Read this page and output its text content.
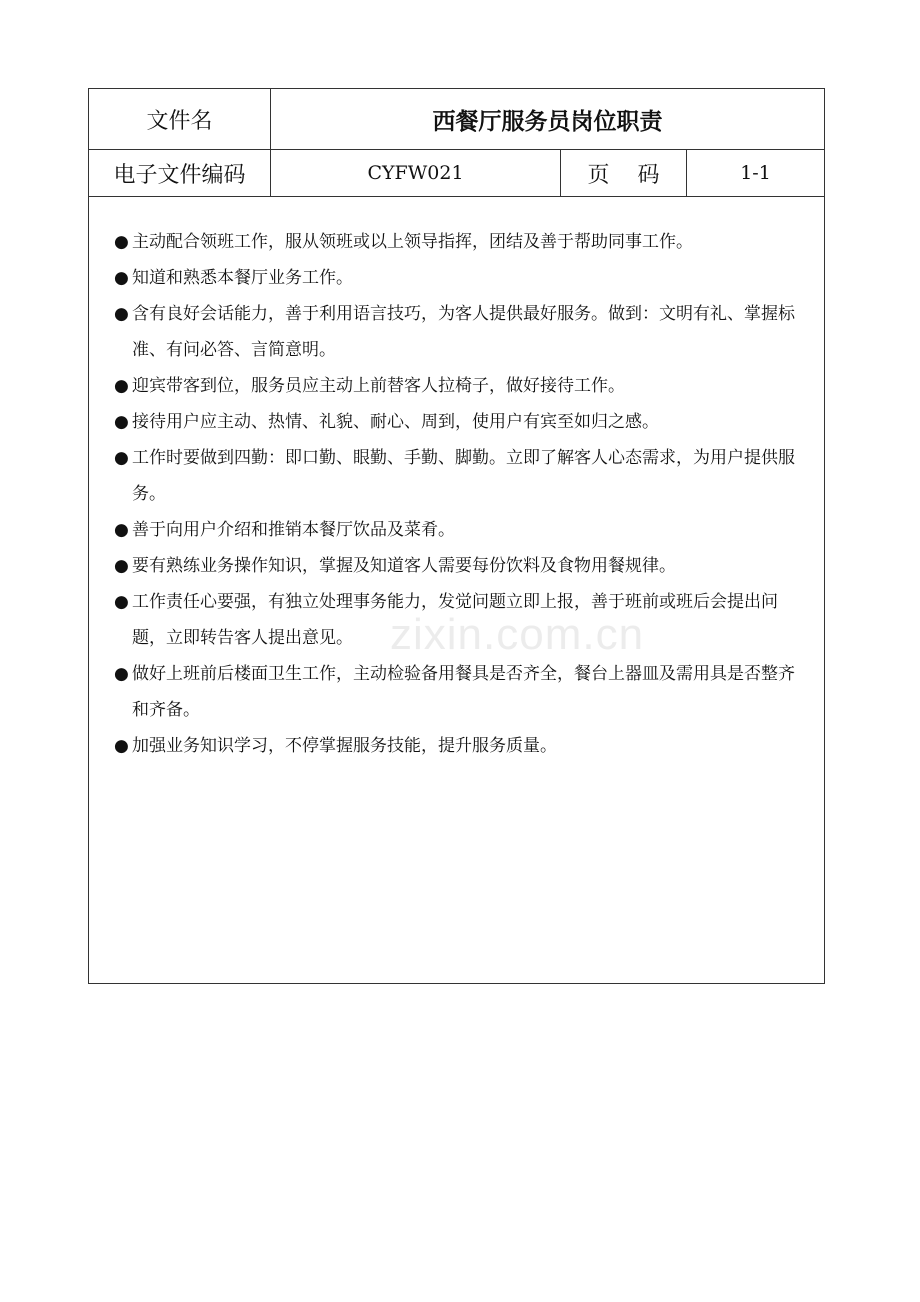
文件名	西餐厅服务员岗位职责
电子文件编码	CYFW021	页码	1-1

● 主动配合领班工作，服从领班或以上领导指挥，团结及善于帮助同事工作。

● 知道和熟悉本餐厅业务工作。

● 含有良好会话能力，善于利用语言技巧，为客人提供最好服务。做到：文明有礼、掌握标准、有问必答、言简意明。

● 迎宾带客到位，服务员应主动上前替客人拉椅子，做好接待工作。

● 接待用户应主动、热情、礼貌、耐心、周到，使用户有宾至如归之感。

● 工作时要做到四勤：即口勤、眼勤、手勤、脚勤。立即了解客人心态需求，为用户提供服务。

● 善于向用户介绍和推销本餐厅饮品及菜肴。

● 要有熟练业务操作知识，掌握及知道客人需要每份饮料及食物用餐规律。

● 工作责任心要强，有独立处理事务能力，发觉问题立即上报，善于班前或班后会提出问题，立即转告客人提出意见。

● 做好上班前后楼面卫生工作，主动检验备用餐具是否齐全，餐台上器皿及需用具是否整齐和齐备。

● 加强业务知识学习，不停掌握服务技能，提升服务质量。

zixin.com.cn
